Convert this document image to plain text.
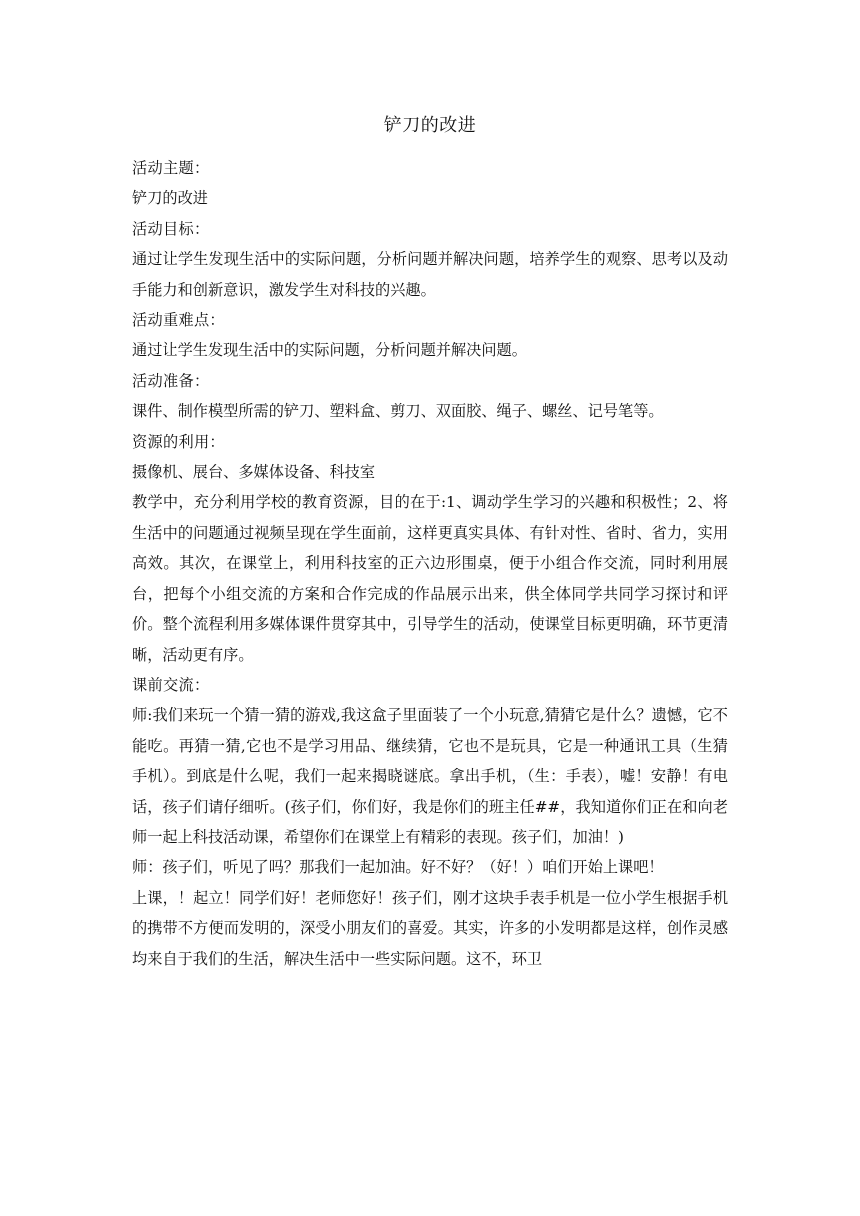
铲刀的改进

活动主题：

铲刀的改进

活动目标：

通过让学生发现生活中的实际问题，分析问题并解决问题，培养学生的观察、思考以及动手能力和创新意识，激发学生对科技的兴趣。

活动重难点：

通过让学生发现生活中的实际问题，分析问题并解决问题。

活动准备：

课件、制作模型所需的铲刀、塑料盒、剪刀、双面胶、绳子、螺丝、记号笔等。

资源的利用：

摄像机、展台、多媒体设备、科技室

教学中，充分利用学校的教育资源，目的在于:1、调动学生学习的兴趣和积极性；2、将生活中的问题通过视频呈现在学生面前，这样更真实具体、有针对性、省时、省力，实用高效。其次，在课堂上，利用科技室的正六边形围桌，便于小组合作交流，同时利用展台，把每个小组交流的方案和合作完成的作品展示出来，供全体同学共同学习探讨和评价。整个流程利用多媒体课件贯穿其中，引导学生的活动，使课堂目标更明确，环节更清晰，活动更有序。

课前交流：

师:我们来玩一个猜一猜的游戏,我这盒子里面装了一个小玩意,猜猜它是什么？遗憾，它不能吃。再猜一猜,它也不是学习用品、继续猜，它也不是玩具，它是一种通讯工具（生猜手机）。到底是什么呢，我们一起来揭晓谜底。拿出手机，（生：手表），嘘！安静！有电话，孩子们请仔细听。(孩子们，你们好，我是你们的班主任##，我知道你们正在和向老师一起上科技活动课，希望你们在课堂上有精彩的表现。孩子们，加油！)

师：孩子们，听见了吗？那我们一起加油。好不好？（好！）咱们开始上课吧！

上课，！起立！同学们好！老师您好！孩子们，刚才这块手表手机是一位小学生根据手机的携带不方便而发明的，深受小朋友们的喜爱。其实，许多的小发明都是这样，创作灵感均来自于我们的生活，解决生活中一些实际问题。这不，环卫
